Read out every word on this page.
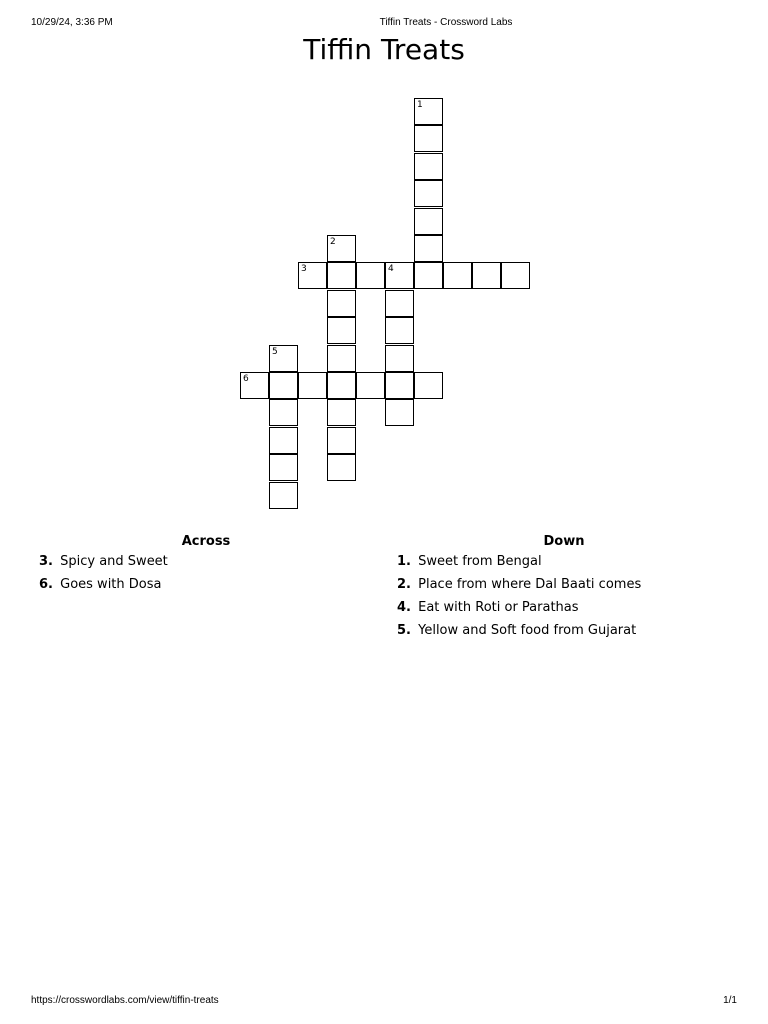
10/29/24, 3:36 PM	Tiffin Treats - Crossword Labs
Tiffin Treats
1
2
3	4
5
6
Across
3. Spicy and Sweet
6. Goes with Dosa
Down
1. Sweet from Bengal
2. Place from where Dal Baati comes
4. Eat with Roti or Parathas
5. Yellow and Soft food from Gujarat
https://crosswordlabs.com/view/tiffin-treats	1/1
